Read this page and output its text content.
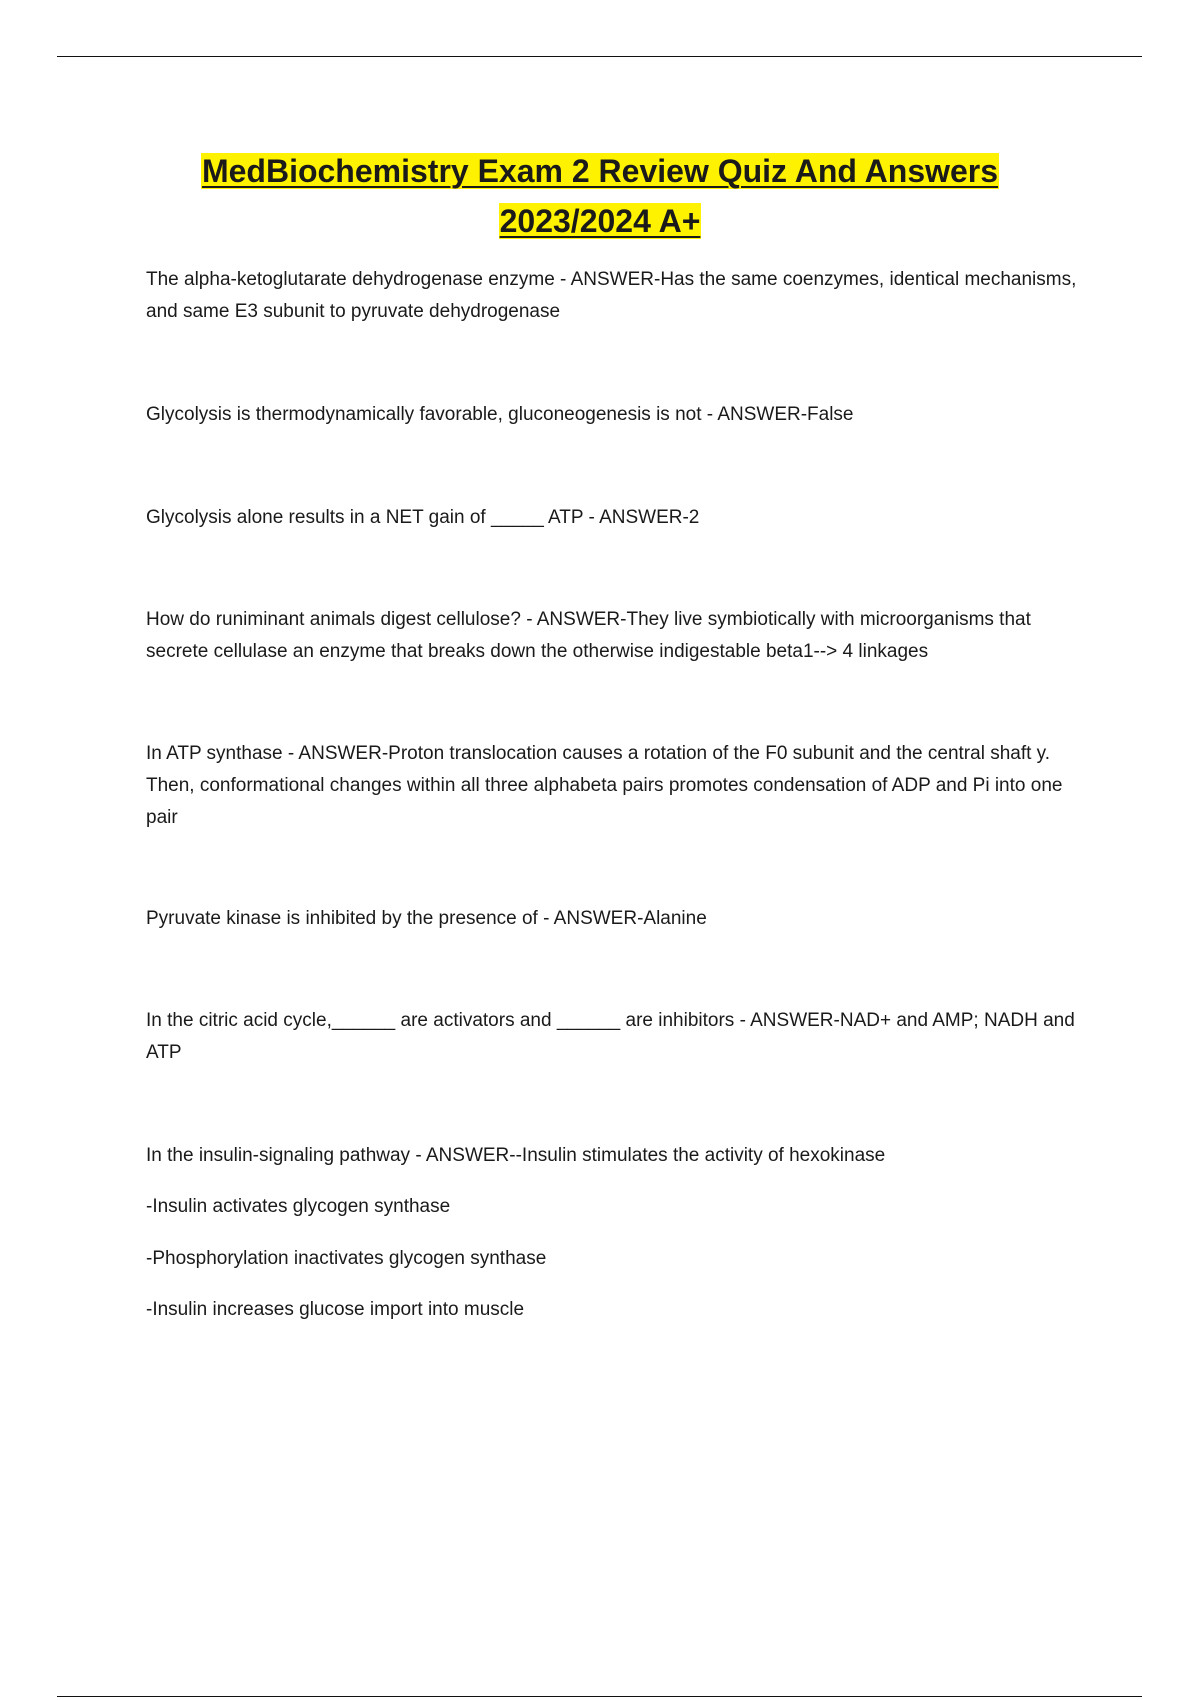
MedBiochemistry Exam 2 Review Quiz And Answers
2023/2024 A+

The alpha-ketoglutarate dehydrogenase enzyme - ANSWER-Has the same coenzymes, identical mechanisms, and same E3 subunit to pyruvate dehydrogenase

Glycolysis is thermodynamically favorable, gluconeogenesis is not - ANSWER-False

Glycolysis alone results in a NET gain of _____ ATP - ANSWER-2

How do runiminant animals digest cellulose? - ANSWER-They live symbiotically with microorganisms that secrete cellulase an enzyme that breaks down the otherwise indigestable beta1--> 4 linkages

In ATP synthase - ANSWER-Proton translocation causes a rotation of the F0 subunit and the central shaft y. Then, conformational changes within all three alphabeta pairs promotes condensation of ADP and Pi into one pair

Pyruvate kinase is inhibited by the presence of - ANSWER-Alanine

In the citric acid cycle,______ are activators and ______ are inhibitors - ANSWER-NAD+ and AMP; NADH and ATP

In the insulin-signaling pathway - ANSWER--Insulin stimulates the activity of hexokinase

-Insulin activates glycogen synthase

-Phosphorylation inactivates glycogen synthase

-Insulin increases glucose import into muscle
